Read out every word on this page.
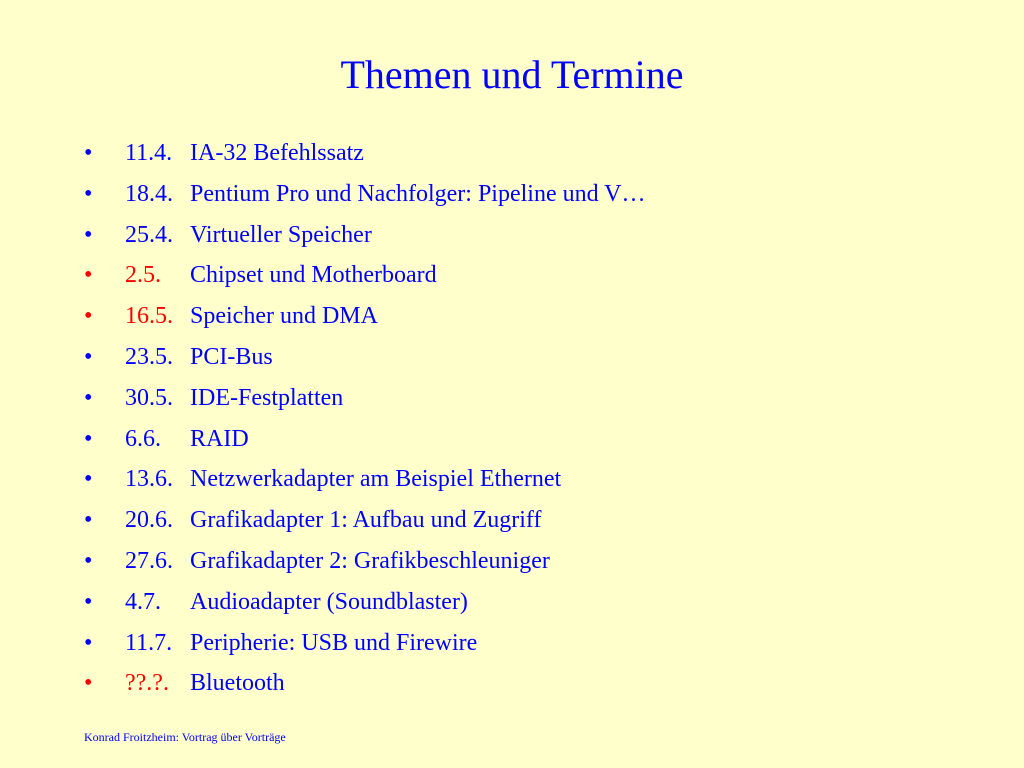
Themen und Termine
•	11.4. IA-32 Befehlssatz
•	18.4. Pentium Pro und Nachfolger: Pipeline und V…
•	25.4. Virtueller Speicher
•	2.5.	Chipset und Motherboard
•	16.5. Speicher und DMA
•	23.5. PCI-Bus
•	30.5. IDE-Festplatten
•	6.6.	RAID
•	13.6. Netzwerkadapter am Beispiel Ethernet
•	20.6. Grafikadapter 1: Aufbau und Zugriff
•	27.6. Grafikadapter 2: Grafikbeschleuniger
•	4.7.	Audioadapter (Soundblaster)
•	11.7. Peripherie: USB und Firewire
•	??.?. Bluetooth
Konrad Froitzheim: Vortrag über Vorträge
